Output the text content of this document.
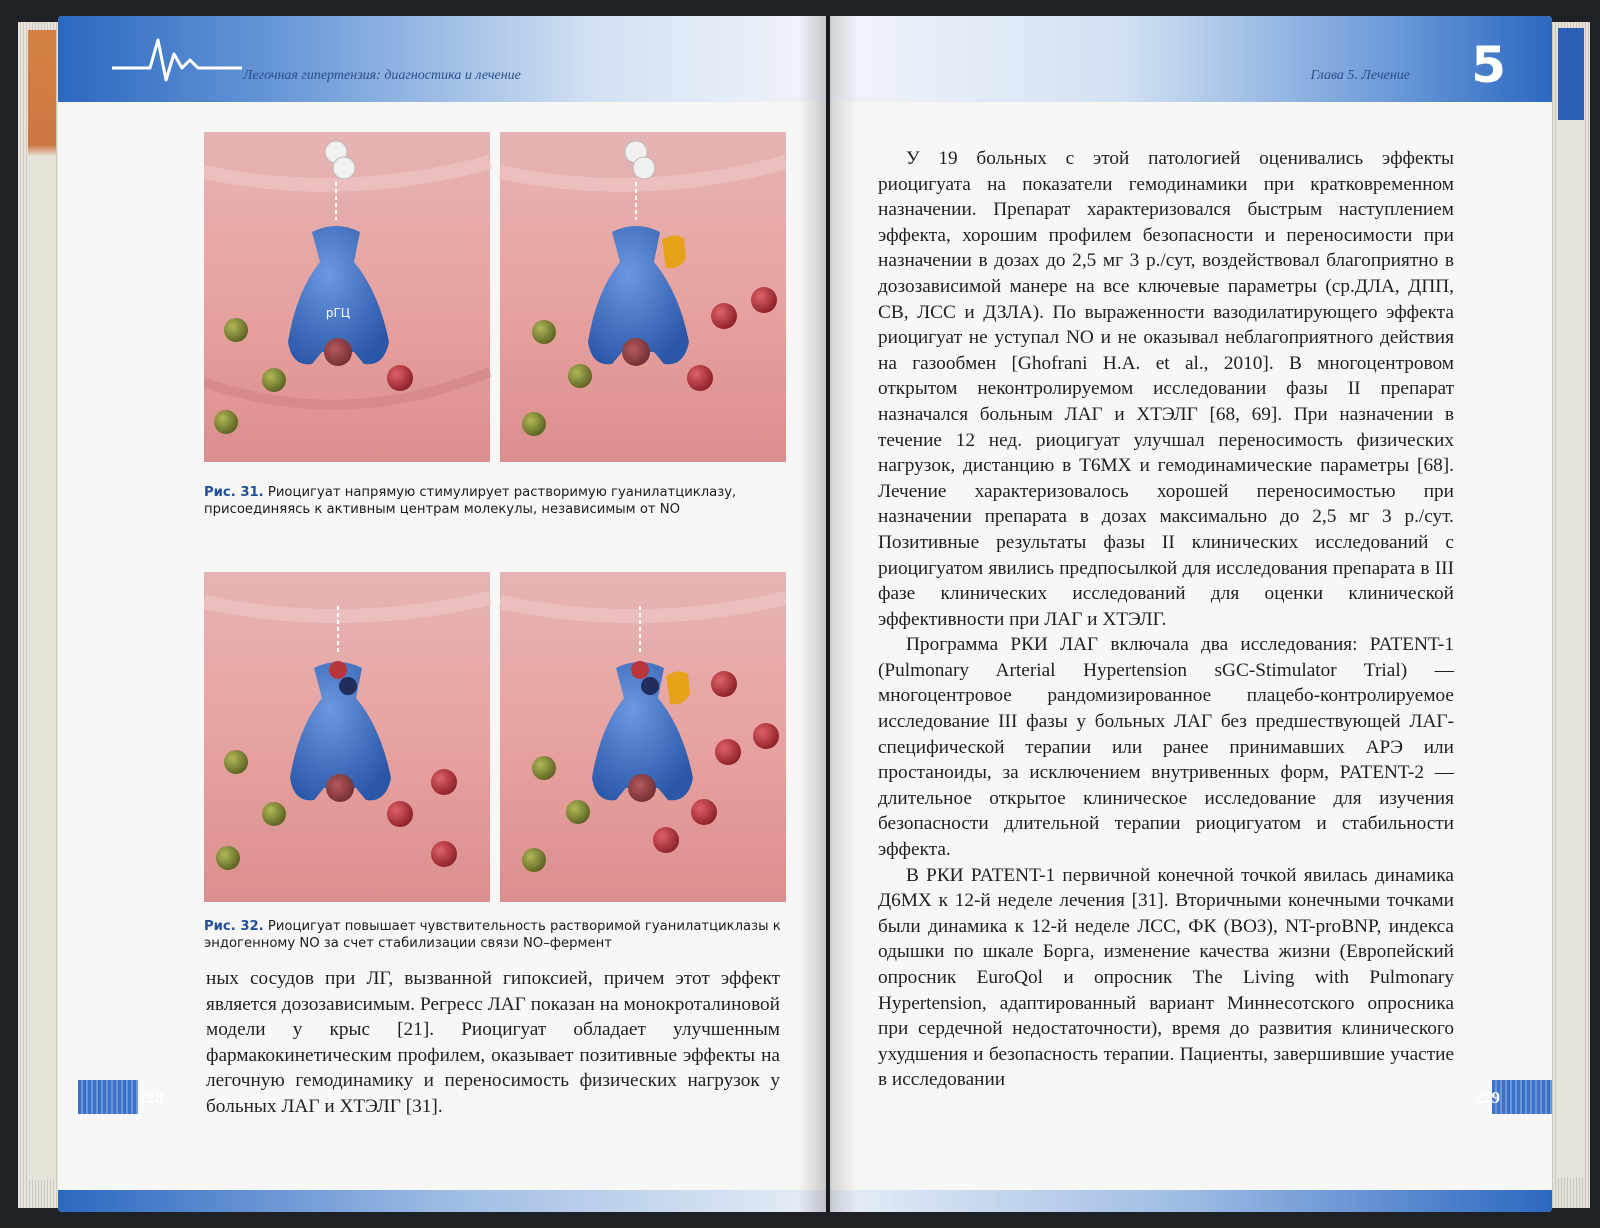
Легочная гипертензия: диагностика и лечение
рГЦ
Рис. 31. Риоцигуат напрямую стимулирует растворимую гуанилатциклазу, присоединяясь к активным центрам молекулы, независимым от NO
Рис. 32. Риоцигуат повышает чувствительность растворимой гуанилатциклазы к эндогенному NO за счет стабилизации связи NO–фермент

ных сосудов при ЛГ, вызванной гипоксией, причем этот эффект является дозозависимым. Регресс ЛАГ показан на монокроталиновой модели у крыс [21]. Риоцигуат обладает улучшенным фармакокинетическим профилем, оказывает позитивные эффекты на легочную гемодинамику и переносимость физических нагрузок у больных ЛАГ и ХТЭЛГ [31].

228
Глава 5. Лечение 5

У 19 больных с этой патологией оценивались эффекты риоцигуата на показатели гемодинамики при кратковременном назначении. Препарат характеризовался быстрым наступлением эффекта, хорошим профилем безопасности и переносимости при назначении в дозах до 2,5 мг 3 р./сут, воздействовал благоприятно в дозозависимой манере на все ключевые параметры (ср.ДЛА, ДПП, СВ, ЛСС и ДЗЛА). По выраженности вазодилатирующего эффекта риоцигуат не уступал NO и не оказывал неблагоприятного действия на газообмен [Ghofrani H.A. et al., 2010]. В многоцентровом открытом неконтролируемом исследовании фазы II препарат назначался больным ЛАГ и ХТЭЛГ [68, 69]. При назначении в течение 12 нед. риоцигуат улучшал переносимость физических нагрузок, дистанцию в Т6МХ и гемодинамические параметры [68]. Лечение характеризовалось хорошей переносимостью при назначении препарата в дозах максимально до 2,5 мг 3 р./сут. Позитивные результаты фазы II клинических исследований с риоцигуатом явились предпосылкой для исследования препарата в III фазе клинических исследований для оценки клинической эффективности при ЛАГ и ХТЭЛГ.

Программа РКИ ЛАГ включала два исследования: PATENT-1 (Pulmonary Arterial Hypertension sGC-Stimulator Trial) — многоцентровое рандомизированное плацебо-контролируемое исследование III фазы у больных ЛАГ без предшествующей ЛАГ-специфической терапии или ранее принимавших АРЭ или простаноиды, за исключением внутривенных форм, PATENT-2 — длительное открытое клиническое исследование для изучения безопасности длительной терапии риоцигуатом и стабильности эффекта.

В РКИ PATENT-1 первичной конечной точкой явилась динамика Д6МХ к 12-й неделе лечения [31]. Вторичными конечными точками были динамика к 12-й неделе ЛСС, ФК (ВОЗ), NT-proBNP, индекса одышки по шкале Борга, изменение качества жизни (Европейский опросник EuroQol и опросник The Living with Pulmonary Hypertension, адаптированный вариант Миннесотского опросника при сердечной недостаточности), время до развития клинического ухудшения и безопасность терапии. Пациенты, завершившие участие в исследовании

229
